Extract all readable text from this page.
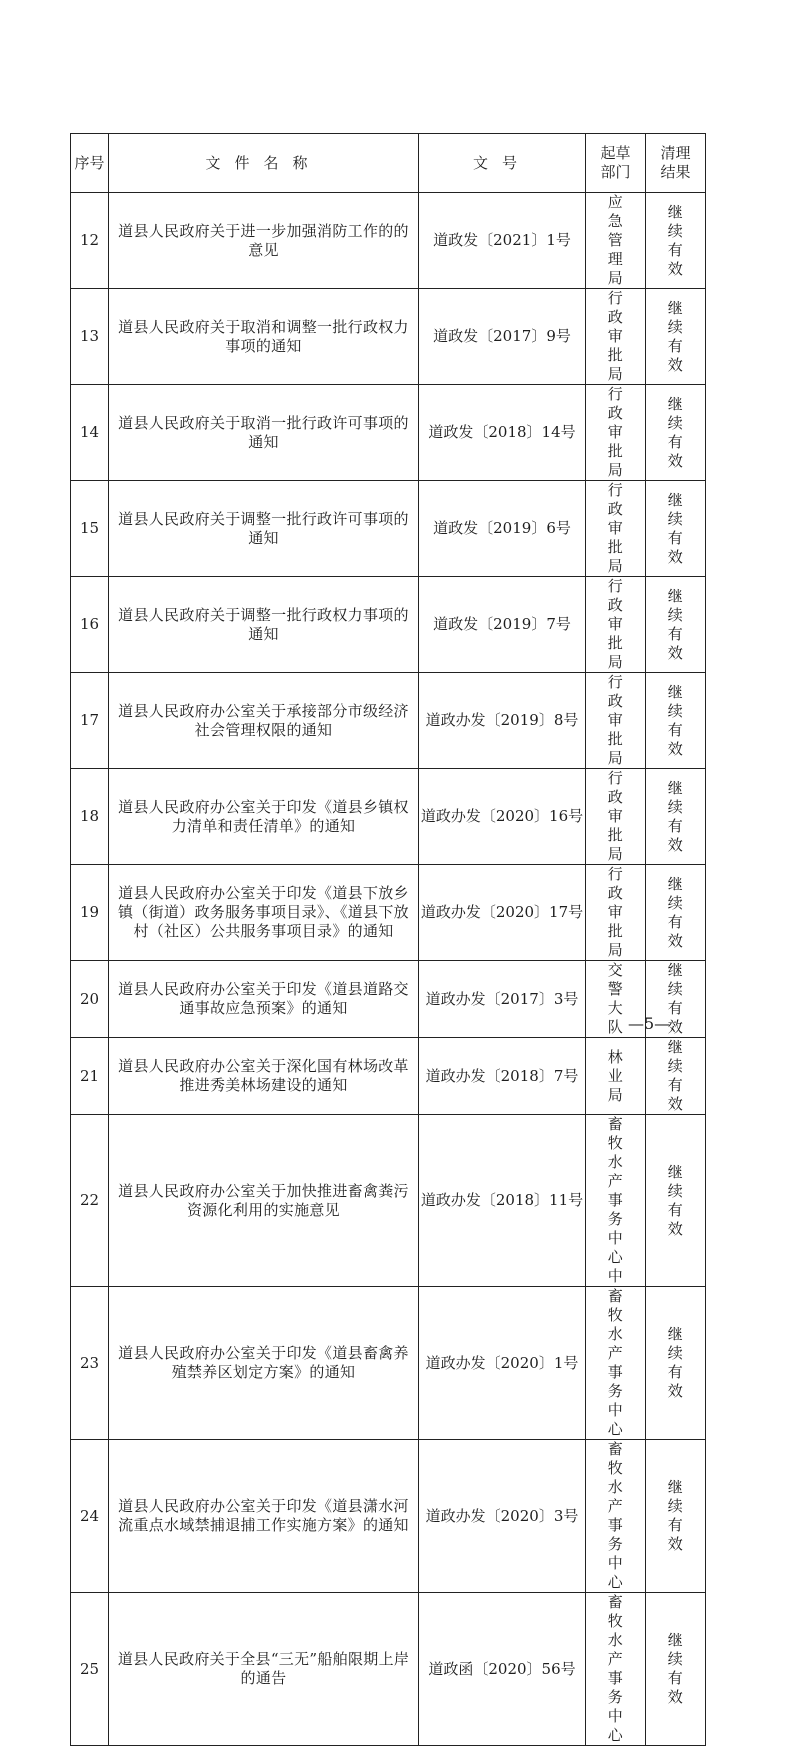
序号	文件名称	文号	起草部门	清理结果

12	道县人民政府关于进一步加强消防工作的的意见	道政发〔2021〕1号	应急管理局	继续有效

13	道县人民政府关于取消和调整一批行政权力事项的通知	道政发〔2017〕9号	行政审批局	继续有效

14	道县人民政府关于取消一批行政许可事项的通知	道政发〔2018〕14号	行政审批局	继续有效

15	道县人民政府关于调整一批行政许可事项的通知	道政发〔2019〕6号	行政审批局	继续有效

16	道县人民政府关于调整一批行政权力事项的通知	道政发〔2019〕7号	行政审批局	继续有效

17	道县人民政府办公室关于承接部分市级经济社会管理权限的通知	道政办发〔2019〕8号	行政审批局	继续有效

18	道县人民政府办公室关于印发《道县乡镇权力清单和责任清单》的通知	道政办发〔2020〕16号	行政审批局	继续有效

19	道县人民政府办公室关于印发《道县下放乡镇（街道）政务服务事项目录》、《道县下放村（社区）公共服务事项目录》的通知	道政办发〔2020〕17号	行政审批局	继续有效

20	道县人民政府办公室关于印发《道县道路交通事故应急预案》的通知	道政办发〔2017〕3号	交警大队	继续有效

21	道县人民政府办公室关于深化国有林场改革推进秀美林场建设的通知	道政办发〔2018〕7号	林业局	继续有效

22	道县人民政府办公室关于加快推进畜禽粪污资源化利用的实施意见	道政办发〔2018〕11号	畜牧水产事务中心中	继续有效

23	道县人民政府办公室关于印发《道县畜禽养殖禁养区划定方案》的通知	道政办发〔2020〕1号	畜牧水产事务中心	继续有效

24	道县人民政府办公室关于印发《道县潇水河流重点水域禁捕退捕工作实施方案》的通知	道政办发〔2020〕3号	畜牧水产事务中心	继续有效

25	道县人民政府关于全县“三无”船舶限期上岸的通告	道政函〔2020〕56号	畜牧水产事务中心	继续有效
—5—
